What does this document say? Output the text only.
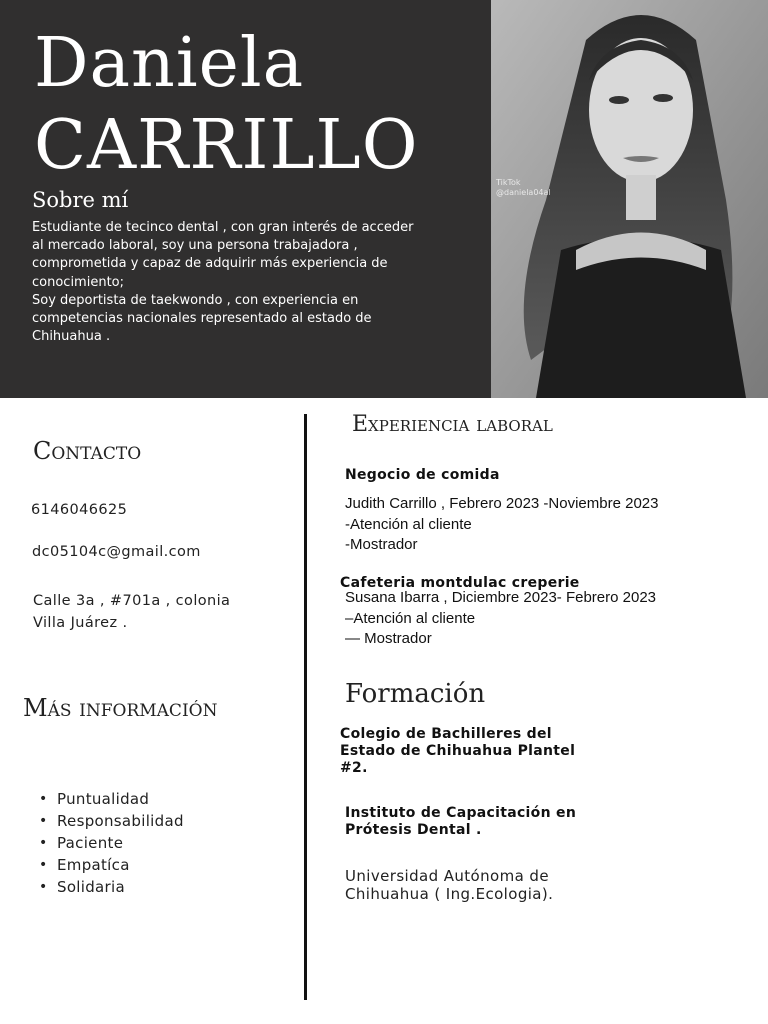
Daniela
CARRILLO
Sobre mí

Estudiante de tecinco dental , con gran interés de acceder al mercado laboral, soy una persona trabajadora , comprometida y capaz de adquirir más experiencia de conocimiento;

Soy deportista de taekwondo , con experiencia en competencias nacionales representado al estado de Chihuahua .

TikTok
@daniela04al
Contacto
6146046625
dc05104c@gmail.com
Calle 3a , #701a , colonia
Villa Juárez .
Más información
• Puntualidad
• Responsabilidad
• Paciente
• Empatíca
• Solidaria
Experiencia laboral
Negocio de comida
Judith Carrillo , Febrero 2023 -Noviembre 2023
-Atención al cliente
-Mostrador
Cafeteria montdulac creperie
Susana Ibarra , Diciembre 2023- Febrero 2023
–Atención al cliente
— Mostrador
Formación
Colegio de Bachilleres del Estado de Chihuahua Plantel #2.
Instituto de Capacitación en Prótesis Dental .
Universidad Autónoma de Chihuahua ( Ing.Ecologia).
